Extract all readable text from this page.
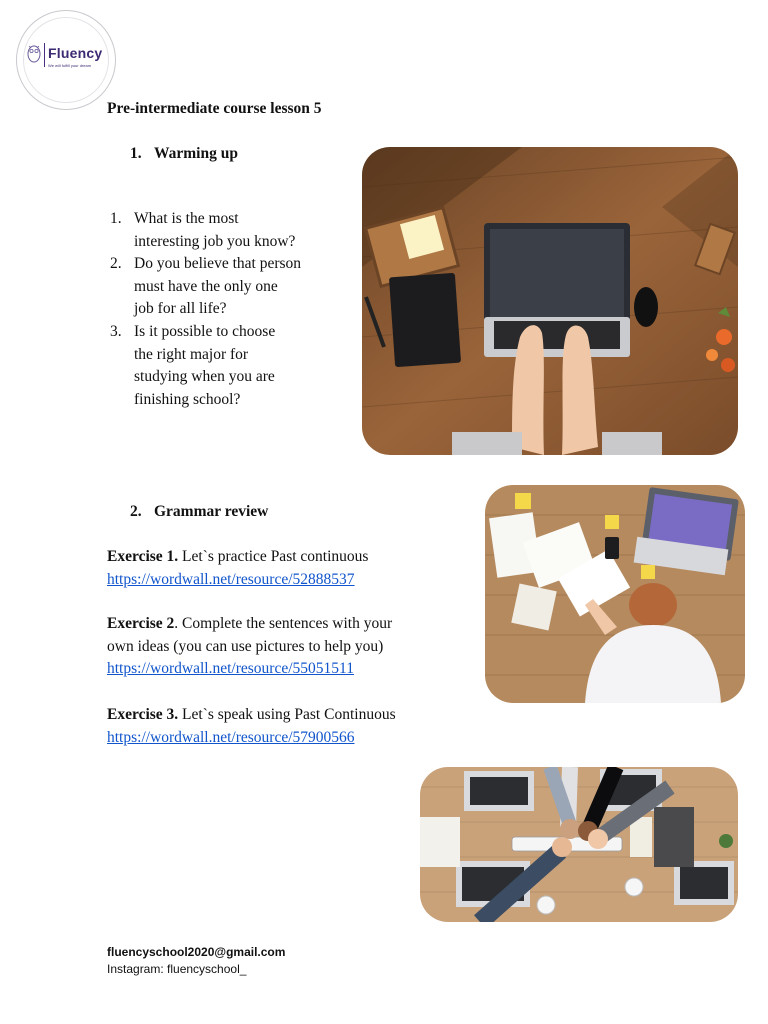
Fluency
We will fulfill your dream
Pre-intermediate course lesson 5
1. Warming up
1. What is the most
interesting job you know?
2. Do you believe that person
must have the only one
job for all life?
3. Is it possible to choose
the right major for
studying when you are
finishing school?
2. Grammar review
Exercise 1. Let`s practice Past continuous
https://wordwall.net/resource/52888537
Exercise 2. Complete the sentences with your
own ideas (you can use pictures to help you)
https://wordwall.net/resource/55051511
Exercise 3. Let`s speak using Past Continuous
https://wordwall.net/resource/57900566
fluencyschool2020@gmail.com
Instagram: fluencyschool_
